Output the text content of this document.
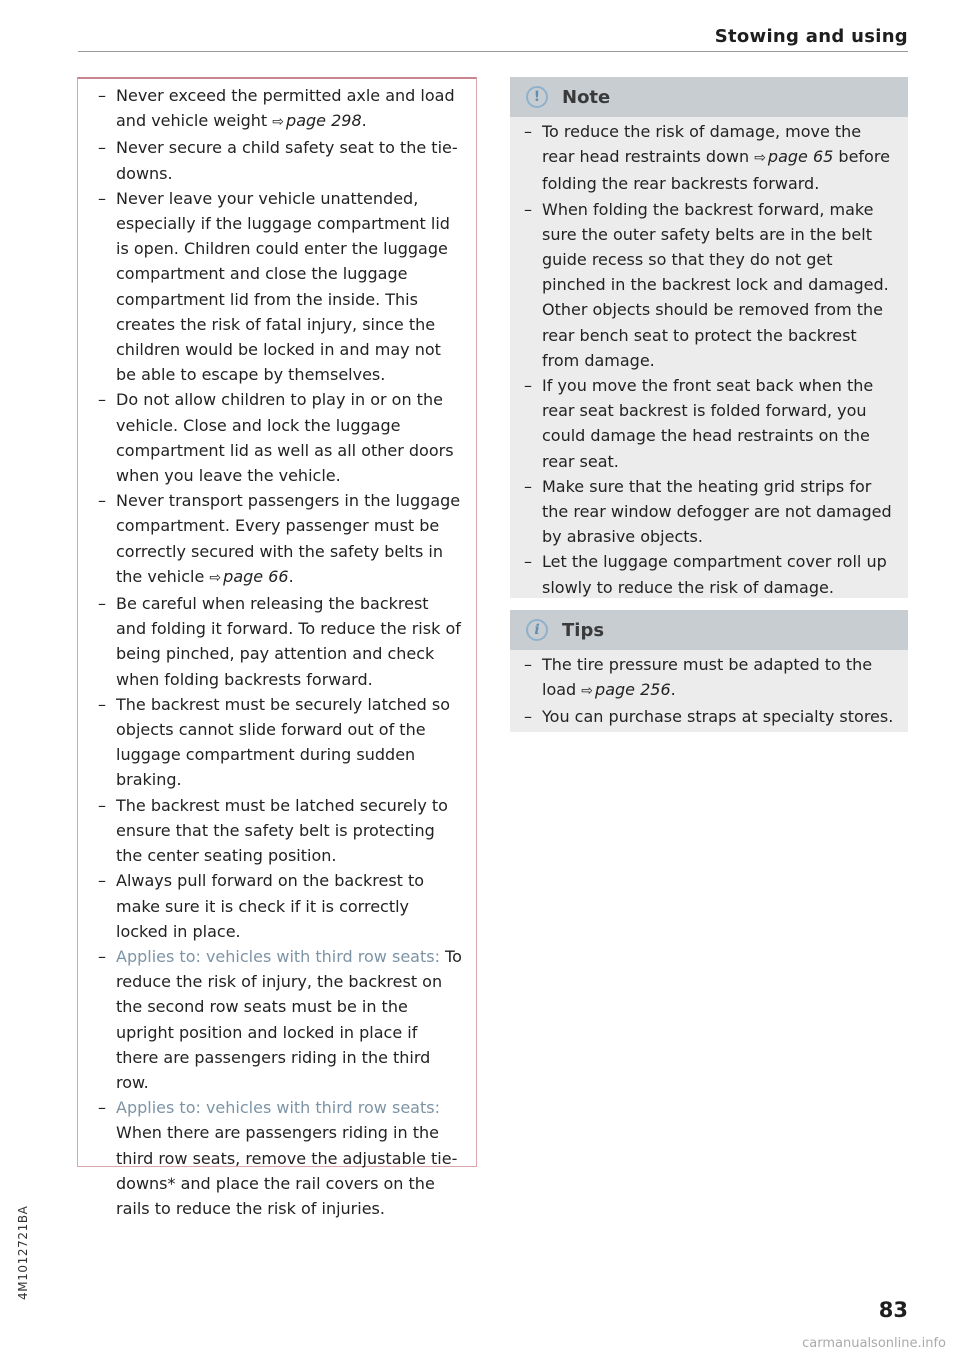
Stowing and using
– Never exceed the permitted axle and load and vehicle weight ⇨ page 298.
– Never secure a child safety seat to the tie-downs.
– Never leave your vehicle unattended, especially if the luggage compartment lid is open. Children could enter the luggage compartment and close the luggage compartment lid from the inside. This creates the risk of fatal injury, since the children would be locked in and may not be able to escape by themselves.
– Do not allow children to play in or on the vehicle. Close and lock the luggage compartment lid as well as all other doors when you leave the vehicle.
– Never transport passengers in the luggage compartment. Every passenger must be correctly secured with the safety belts in the vehicle ⇨ page 66.
– Be careful when releasing the backrest and folding it forward. To reduce the risk of being pinched, pay attention and check when folding backrests forward.
– The backrest must be securely latched so objects cannot slide forward out of the luggage compartment during sudden braking.
– The backrest must be latched securely to ensure that the safety belt is protecting the center seating position.
– Always pull forward on the backrest to make sure it is check if it is correctly locked in place.
– Applies to: vehicles with third row seats: To reduce the risk of injury, the backrest on the second row seats must be in the upright position and locked in place if there are passengers riding in the third row.
– Applies to: vehicles with third row seats: When there are passengers riding in the third row seats, remove the adjustable tie-downs* and place the rail covers on the rails to reduce the risk of injuries.
!	Note
– To reduce the risk of damage, move the rear head restraints down ⇨ page 65 before folding the rear backrests forward.
– When folding the backrest forward, make sure the outer safety belts are in the belt guide recess so that they do not get pinched in the backrest lock and damaged. Other objects should be removed from the rear bench seat to protect the backrest from damage.
– If you move the front seat back when the rear seat backrest is folded forward, you could damage the head restraints on the rear seat.
– Make sure that the heating grid strips for the rear window defogger are not damaged by abrasive objects.
– Let the luggage compartment cover roll up slowly to reduce the risk of damage.
i	Tips
– The tire pressure must be adapted to the load ⇨ page 256.
– You can purchase straps at specialty stores.
4M1012721BA
83
carmanualsonline.info
